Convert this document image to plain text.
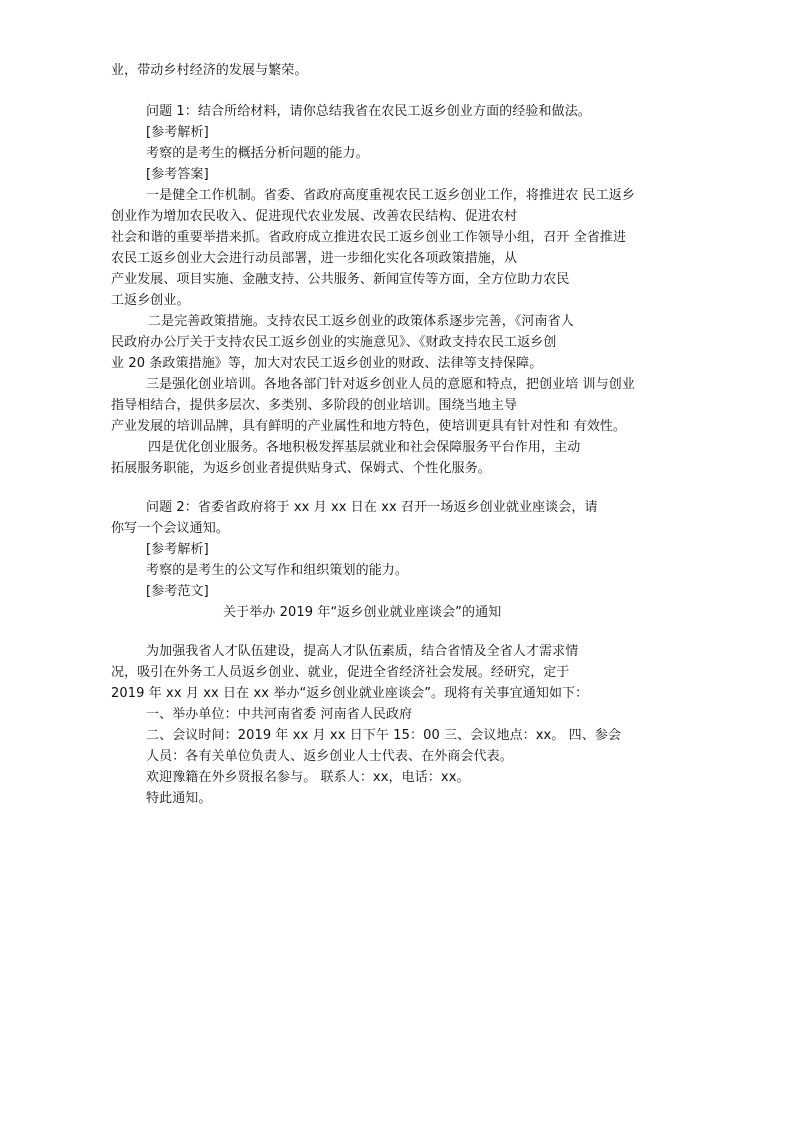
业，带动乡村经济的发展与繁荣。
问题 1：结合所给材料，请你总结我省在农民工返乡创业方面的经验和做法。
[参考解析]
考察的是考生的概括分析问题的能力。
[参考答案]
一是健全工作机制。省委、省政府高度重视农民工返乡创业工作，将推进农 民工返乡
创业作为增加农民收入、促进现代农业发展、改善农民结构、促进农村
社会和谐的重要举措来抓。省政府成立推进农民工返乡创业工作领导小组，召开 全省推进
农民工返乡创业大会进行动员部署，进一步细化实化各项政策措施，从
产业发展、项目实施、金融支持、公共服务、新闻宣传等方面，全方位助力农民
工返乡创业。
二是完善政策措施。支持农民工返乡创业的政策体系逐步完善，《河南省人
民政府办公厅关于支持农民工返乡创业的实施意见》、《财政支持农民工返乡创
业 20 条政策措施》等，加大对农民工返乡创业的财政、法律等支持保障。
三是强化创业培训。各地各部门针对返乡创业人员的意愿和特点，把创业培 训与创业
指导相结合，提供多层次、多类别、多阶段的创业培训。围绕当地主导
产业发展的培训品牌，具有鲜明的产业属性和地方特色，使培训更具有针对性和 有效性。
四是优化创业服务。各地积极发挥基层就业和社会保障服务平台作用，主动
拓展服务职能，为返乡创业者提供贴身式、保姆式、个性化服务。
问题 2：省委省政府将于 xx 月 xx 日在 xx 召开一场返乡创业就业座谈会，请
你写一个会议通知。
[参考解析]
考察的是考生的公文写作和组织策划的能力。
[参考范文]
关于举办 2019 年“返乡创业就业座谈会”的通知
为加强我省人才队伍建设，提高人才队伍素质，结合省情及全省人才需求情
况，吸引在外务工人员返乡创业、就业，促进全省经济社会发展。经研究，定于
2019 年 xx 月 xx 日在 xx 举办“返乡创业就业座谈会”。现将有关事宜通知如下：
一、举办单位：中共河南省委 河南省人民政府
二、会议时间：2019 年 xx 月 xx 日下午 15：00 三、会议地点：xx。 四、参会
人员：各有关单位负责人、返乡创业人士代表、在外商会代表。
欢迎豫籍在外乡贤报名参与。 联系人：xx，电话：xx。
特此通知。
